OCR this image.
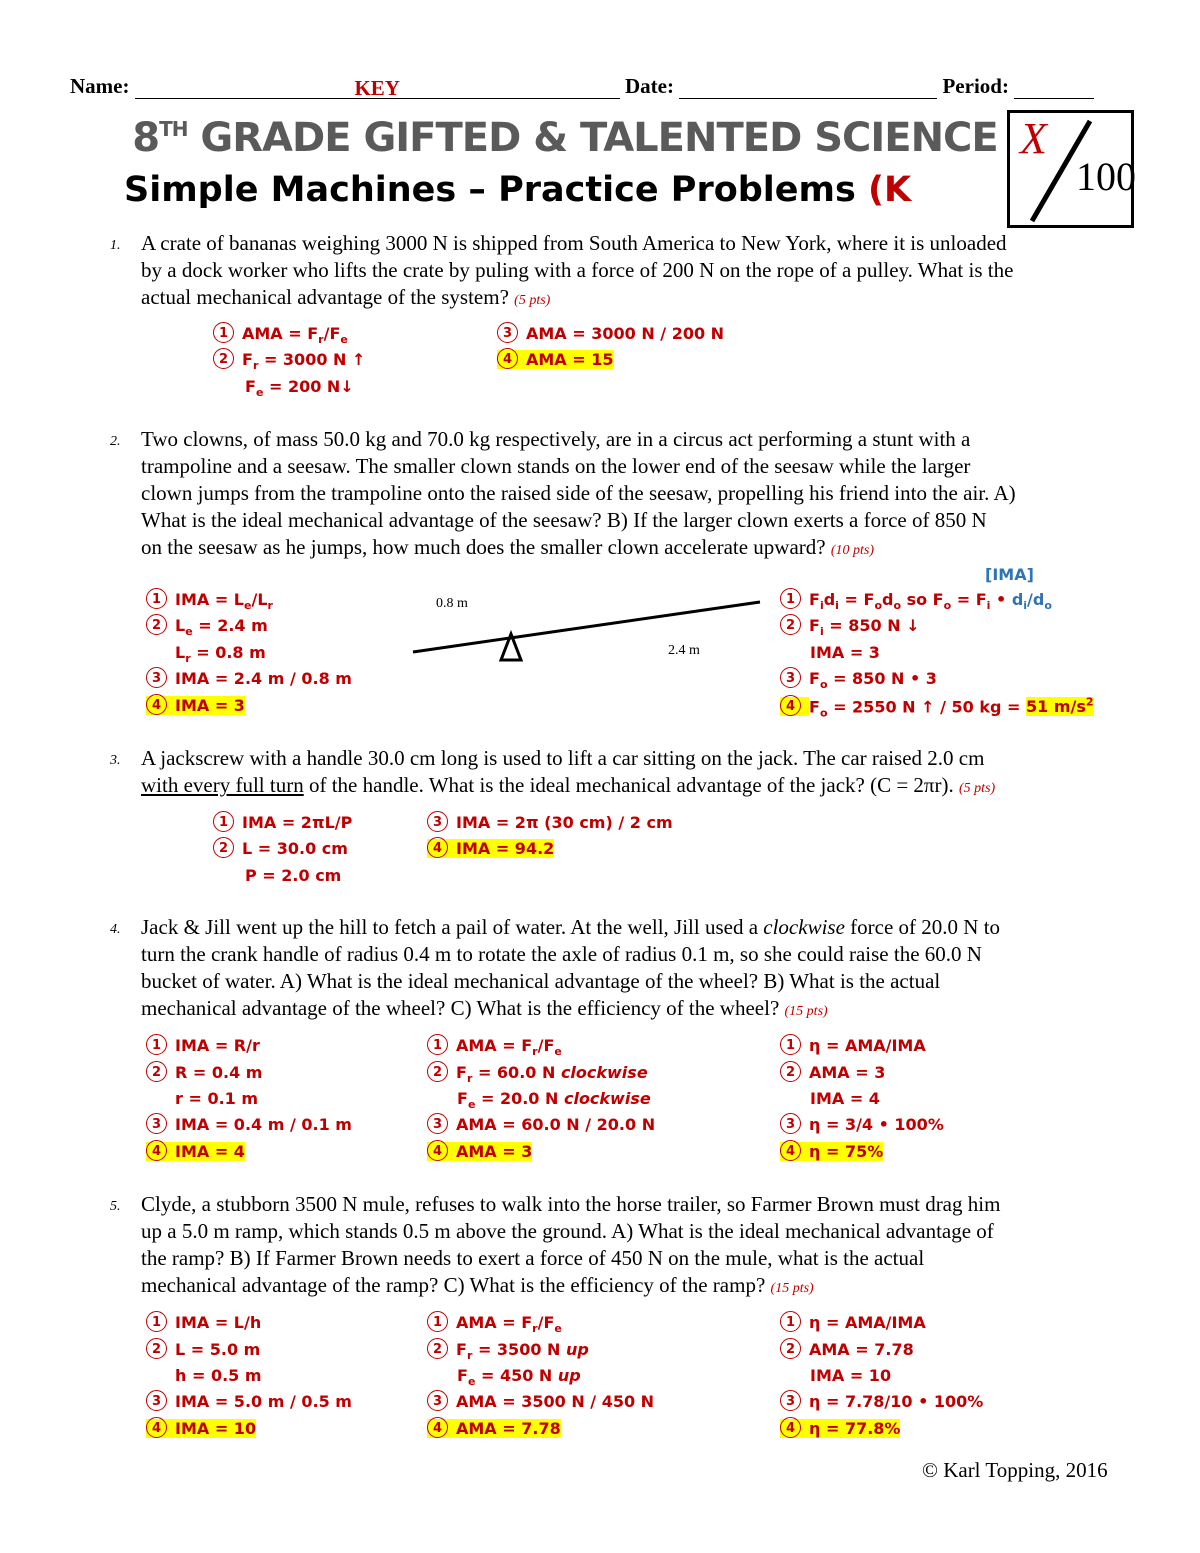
Name:	KEY	Date:	Period:
8TH GRADE GIFTED & TALENTED SCIENCE
Simple Machines – Practice Problems (K
X
100
1. A crate of bananas weighing 3000 N is shipped from South America to New York, where it is unloaded
by a dock worker who lifts the crate by puling with a force of 200 N on the rope of a pulley. What is the
actual mechanical advantage of the system? (5 pts)
1 AMA = $F_r/F_e$
2 $F_r = 3000$ N ↑
$F_e = 200$ N↓
3 AMA = 3000 N / 200 N
4 AMA = 15
2. Two clowns, of mass 50.0 kg and 70.0 kg respectively, are in a circus act performing a stunt with a
trampoline and a seesaw. The smaller clown stands on the lower end of the seesaw while the larger
clown jumps from the trampoline onto the raised side of the seesaw, propelling his friend into the air. A)
What is the ideal mechanical advantage of the seesaw? B) If the larger clown exerts a force of 850 N
on the seesaw as he jumps, how much does the smaller clown accelerate upward? (10 pts)
[IMA]
0.8 m
2.4 m
1 IMA = $L_e/L_r$
2 $L_e = 2.4$ m
$L_r = 0.8$ m
3 IMA = 2.4 m / 0.8 m
4 IMA = 3
1 $F_id_i = F_od_o$ so $F_o = F_i$ • $d_i/d_o$
2 $F_i = 850$ N ↓
IMA = 3
3 $F_o = 850$ N • 3
4 $F_o = 2550$ N ↑ / 50 kg = 51 $m/s^2$
3. A jackscrew with a handle 30.0 cm long is used to lift a car sitting on the jack. The car raised 2.0 cm
with every full turn of the handle. What is the ideal mechanical advantage of the jack? (C = 2πr). (5 pts)
1 IMA = 2πL/P
2 L = 30.0 cm
P = 2.0 cm
3 IMA = 2π (30 cm) / 2 cm
4 IMA = 94.2
4. Jack & Jill went up the hill to fetch a pail of water. At the well, Jill used a clockwise force of 20.0 N to
turn the crank handle of radius 0.4 m to rotate the axle of radius 0.1 m, so she could raise the 60.0 N
bucket of water. A) What is the ideal mechanical advantage of the wheel? B) What is the actual
mechanical advantage of the wheel? C) What is the efficiency of the wheel? (15 pts)
1 IMA = R/r
2 R = 0.4 m
r = 0.1 m
3 IMA = 0.4 m / 0.1 m
4 IMA = 4
1 AMA = $F_r/F_e$
2 $F_r = 60.0$ N clockwise
$F_e = 20.0$ N clockwise
3 AMA = 60.0 N / 20.0 N
4 AMA = 3
1 η = AMA/IMA
2 AMA = 3
IMA = 4
3 η = 3/4 • 100%
4 η = 75%
5. Clyde, a stubborn 3500 N mule, refuses to walk into the horse trailer, so Farmer Brown must drag him
up a 5.0 m ramp, which stands 0.5 m above the ground. A) What is the ideal mechanical advantage of
the ramp? B) If Farmer Brown needs to exert a force of 450 N on the mule, what is the actual
mechanical advantage of the ramp? C) What is the efficiency of the ramp? (15 pts)
1 IMA = L/h
2 L = 5.0 m
h = 0.5 m
3 IMA = 5.0 m / 0.5 m
4 IMA = 10
1 AMA = $F_r/F_e$
2 $F_r = 3500$ N up
$F_e = 450$ N up
3 AMA = 3500 N / 450 N
4 AMA = 7.78
1 η = AMA/IMA
2 AMA = 7.78
IMA = 10
3 η = 7.78/10 • 100%
4 η = 77.8%
© Karl Topping, 2016
